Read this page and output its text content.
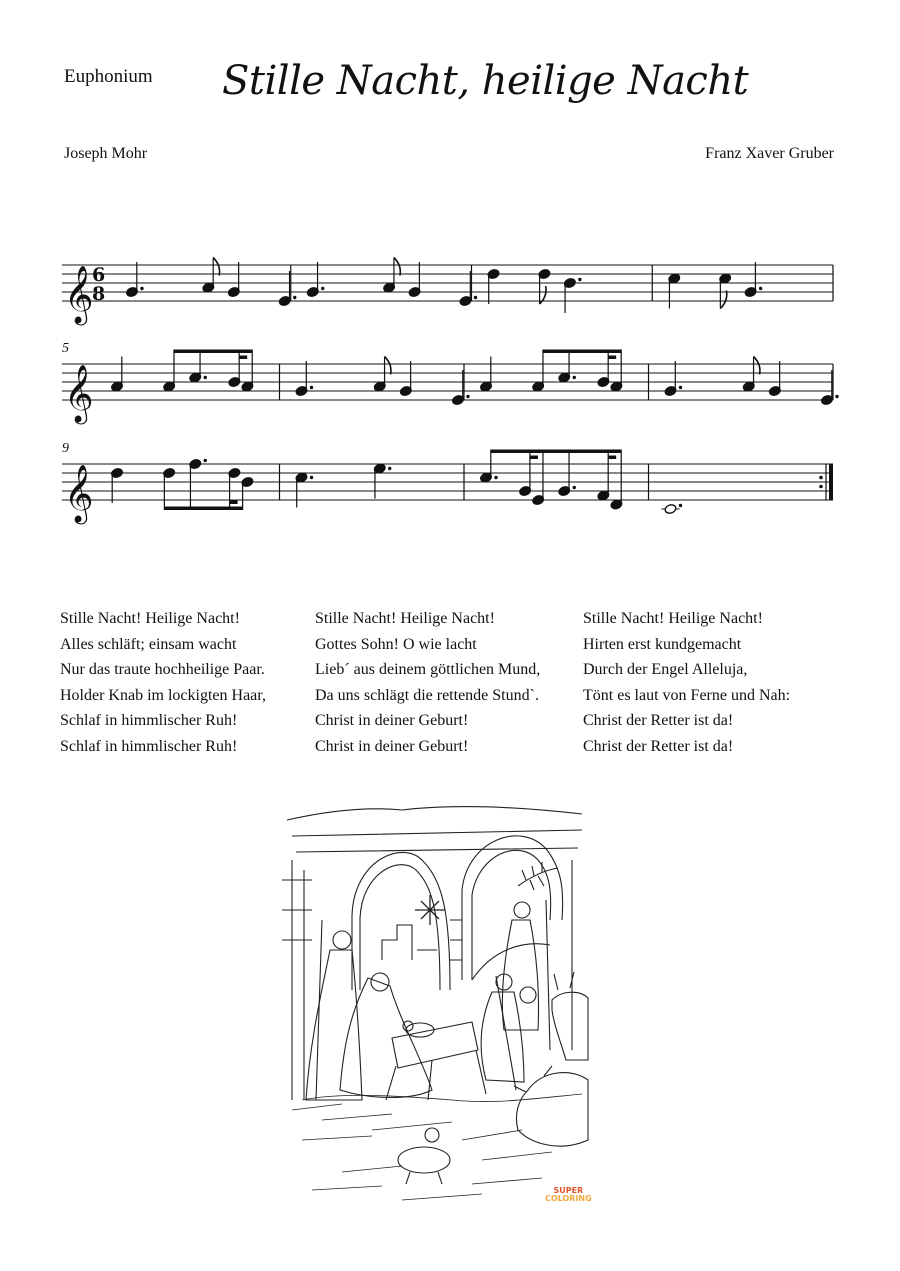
Euphonium Stille Nacht, heilige Nacht
Joseph Mohr	Franz Xaver Gruber
𝄞
6
8
𝄞
5
𝄞
9
Stille Nacht! Heilige Nacht!
Alles schläft; einsam wacht
Nur das traute hochheilige Paar.
Holder Knab im lockigten Haar,
Schlaf in himmlischer Ruh!
Schlaf in himmlischer Ruh!
Stille Nacht! Heilige Nacht!
Gottes Sohn! O wie lacht
Lieb´ aus deinem göttlichen Mund,
Da uns schlägt die rettende Stund`.
Christ in deiner Geburt!
Christ in deiner Geburt!
Stille Nacht! Heilige Nacht!
Hirten erst kundgemacht
Durch der Engel Alleluja,
Tönt es laut von Ferne und Nah:
Christ der Retter ist da!
Christ der Retter ist da!
SUPER
COLORING
